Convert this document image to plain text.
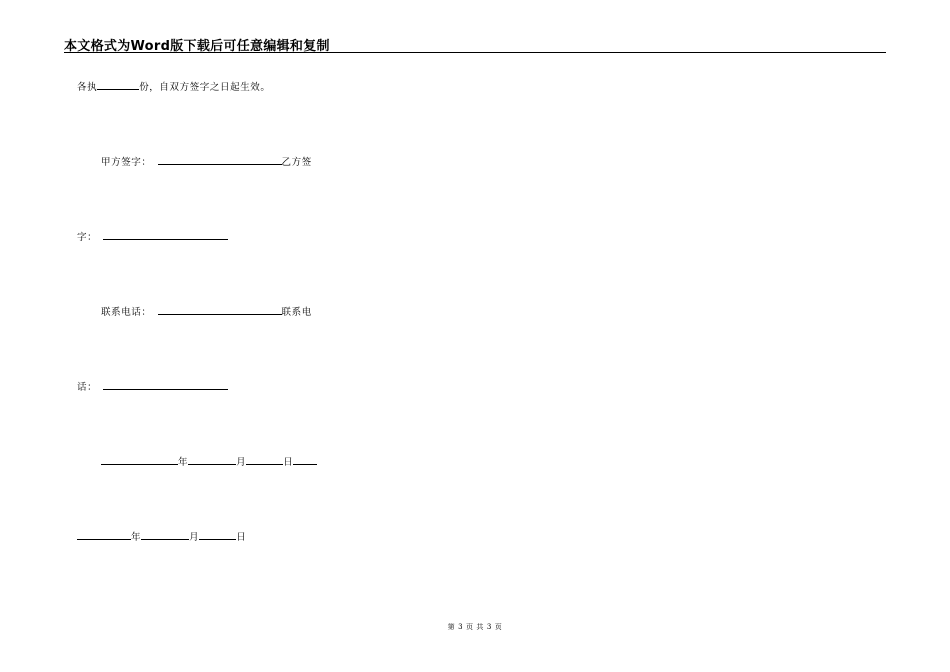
本文格式为Word版下载后可任意编辑和复制
各执	份，自双方签字之日起生效。
甲方签字：	乙方签
字：
联系电话：	联系电
话：
年	月	日
年	月	日
第 3 页 共 3 页
